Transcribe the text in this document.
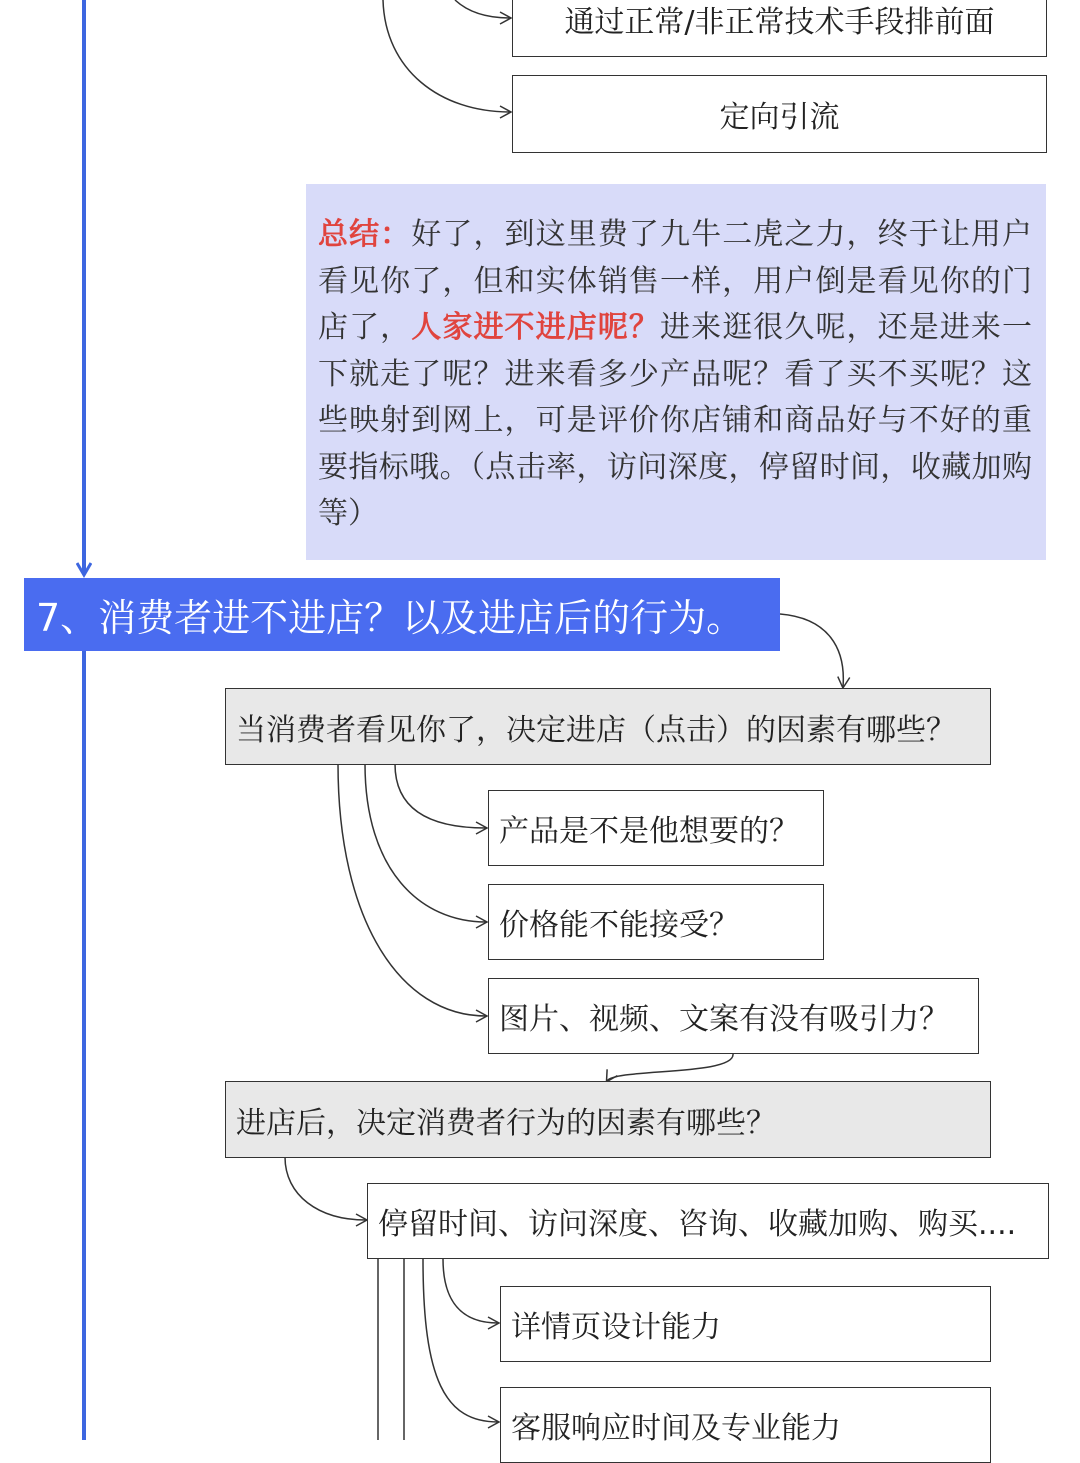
通过正常/非正常技术手段排前面
定向引流
总结：好了，到这里费了九牛二虎之力，终于让用户看见你了，但和实体销售一样，用户倒是看见你的门店了，人家进不进店呢？进来逛很久呢，还是进来一下就走了呢？进来看多少产品呢？看了买不买呢？这些映射到网上，可是评价你店铺和商品好与不好的重要指标哦。（点击率，访问深度，停留时间，收藏加购等）
7、消费者进不进店？以及进店后的行为。
当消费者看见你了，决定进店（点击）的因素有哪些？
产品是不是他想要的？
价格能不能接受？
图片、视频、文案有没有吸引力？
进店后，决定消费者行为的因素有哪些？
停留时间、访问深度、咨询、收藏加购、购买....
详情页设计能力
客服响应时间及专业能力
